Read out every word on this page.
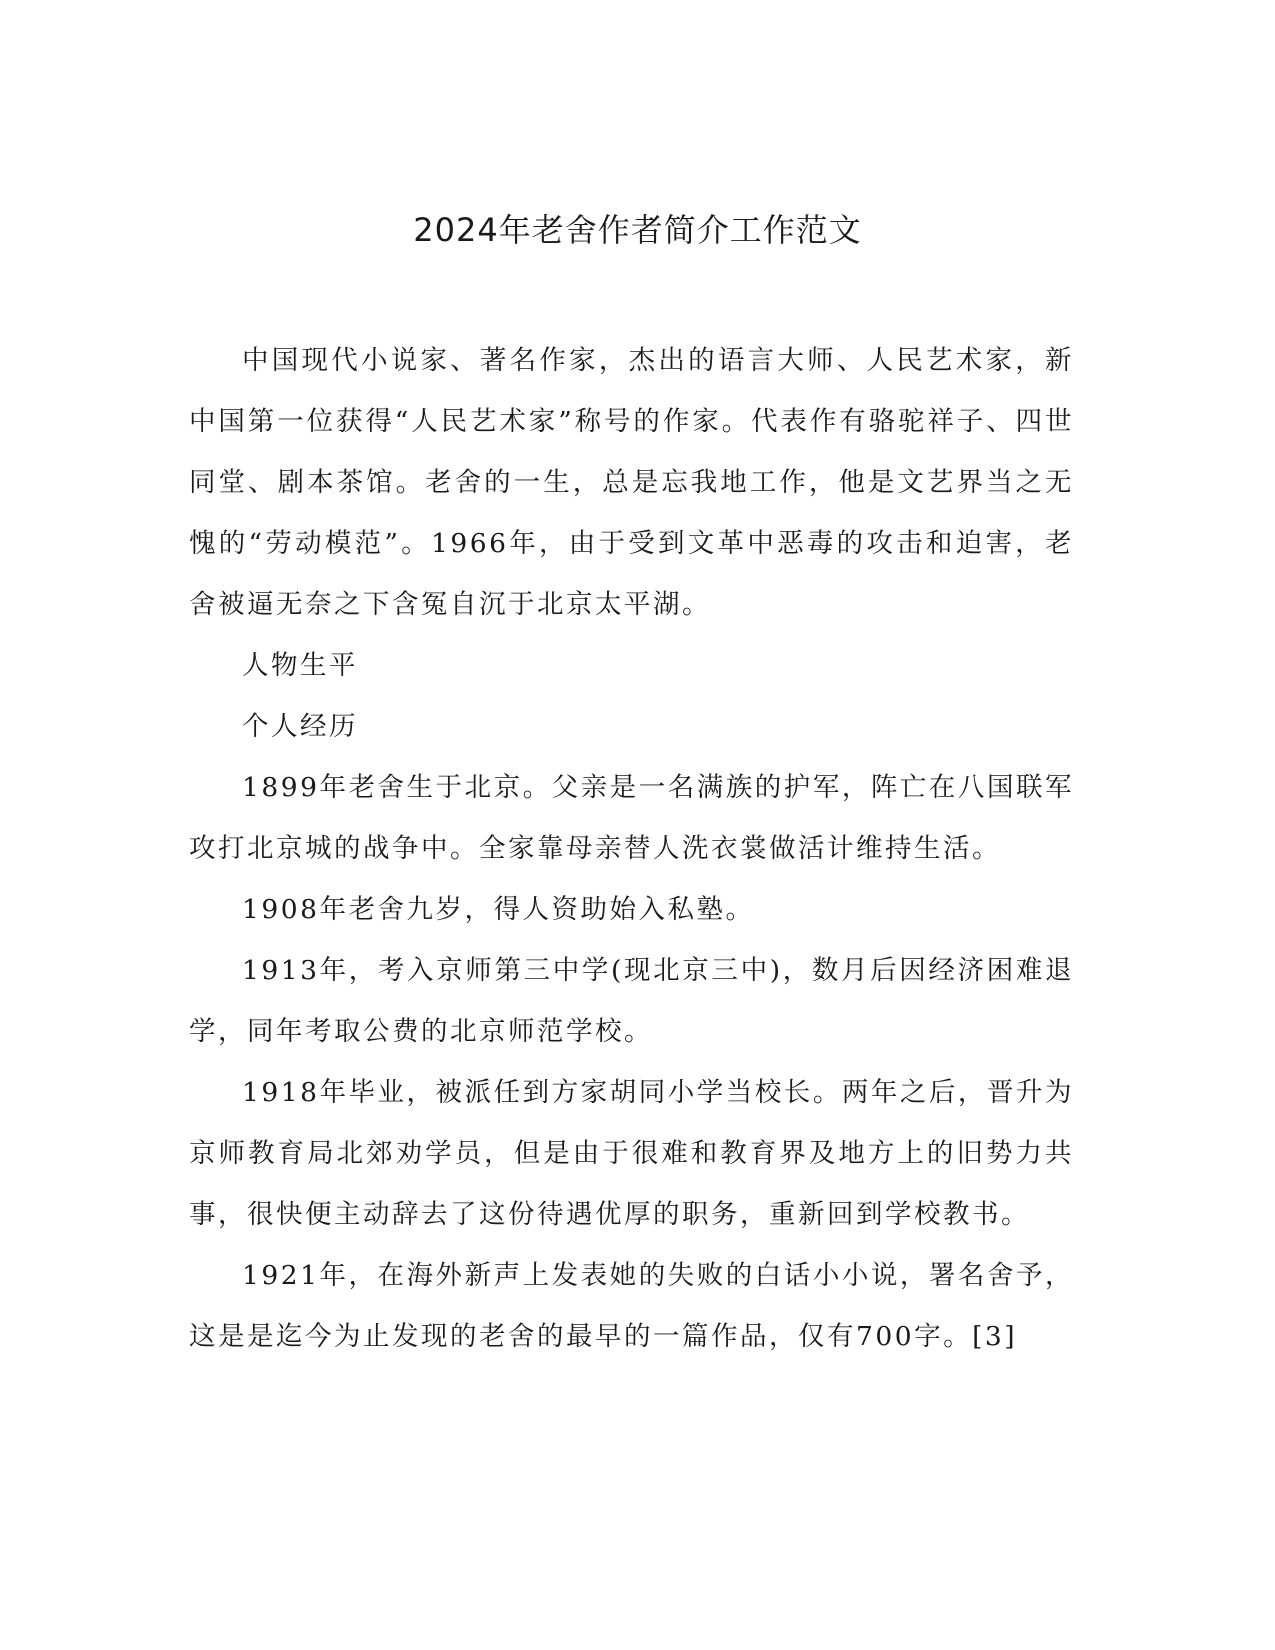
2024年老舍作者简介工作范文

中国现代小说家、著名作家，杰出的语言大师、人民艺术家，新中国第一位获得“人民艺术家”称号的作家。代表作有骆驼祥子、四世同堂、剧本茶馆。老舍的一生，总是忘我地工作，他是文艺界当之无愧的“劳动模范”。1966年，由于受到文革中恶毒的攻击和迫害，老舍被逼无奈之下含冤自沉于北京太平湖。

人物生平

个人经历

1899年老舍生于北京。父亲是一名满族的护军，阵亡在八国联军攻打北京城的战争中。全家靠母亲替人洗衣裳做活计维持生活。

1908年老舍九岁，得人资助始入私塾。

1913年，考入京师第三中学(现北京三中)，数月后因经济困难退学，同年考取公费的北京师范学校。

1918年毕业，被派任到方家胡同小学当校长。两年之后，晋升为京师教育局北郊劝学员，但是由于很难和教育界及地方上的旧势力共事，很快便主动辞去了这份待遇优厚的职务，重新回到学校教书。

1921年，在海外新声上发表她的失败的白话小小说，署名舍予，这是是迄今为止发现的老舍的最早的一篇作品，仅有700字。[3]
